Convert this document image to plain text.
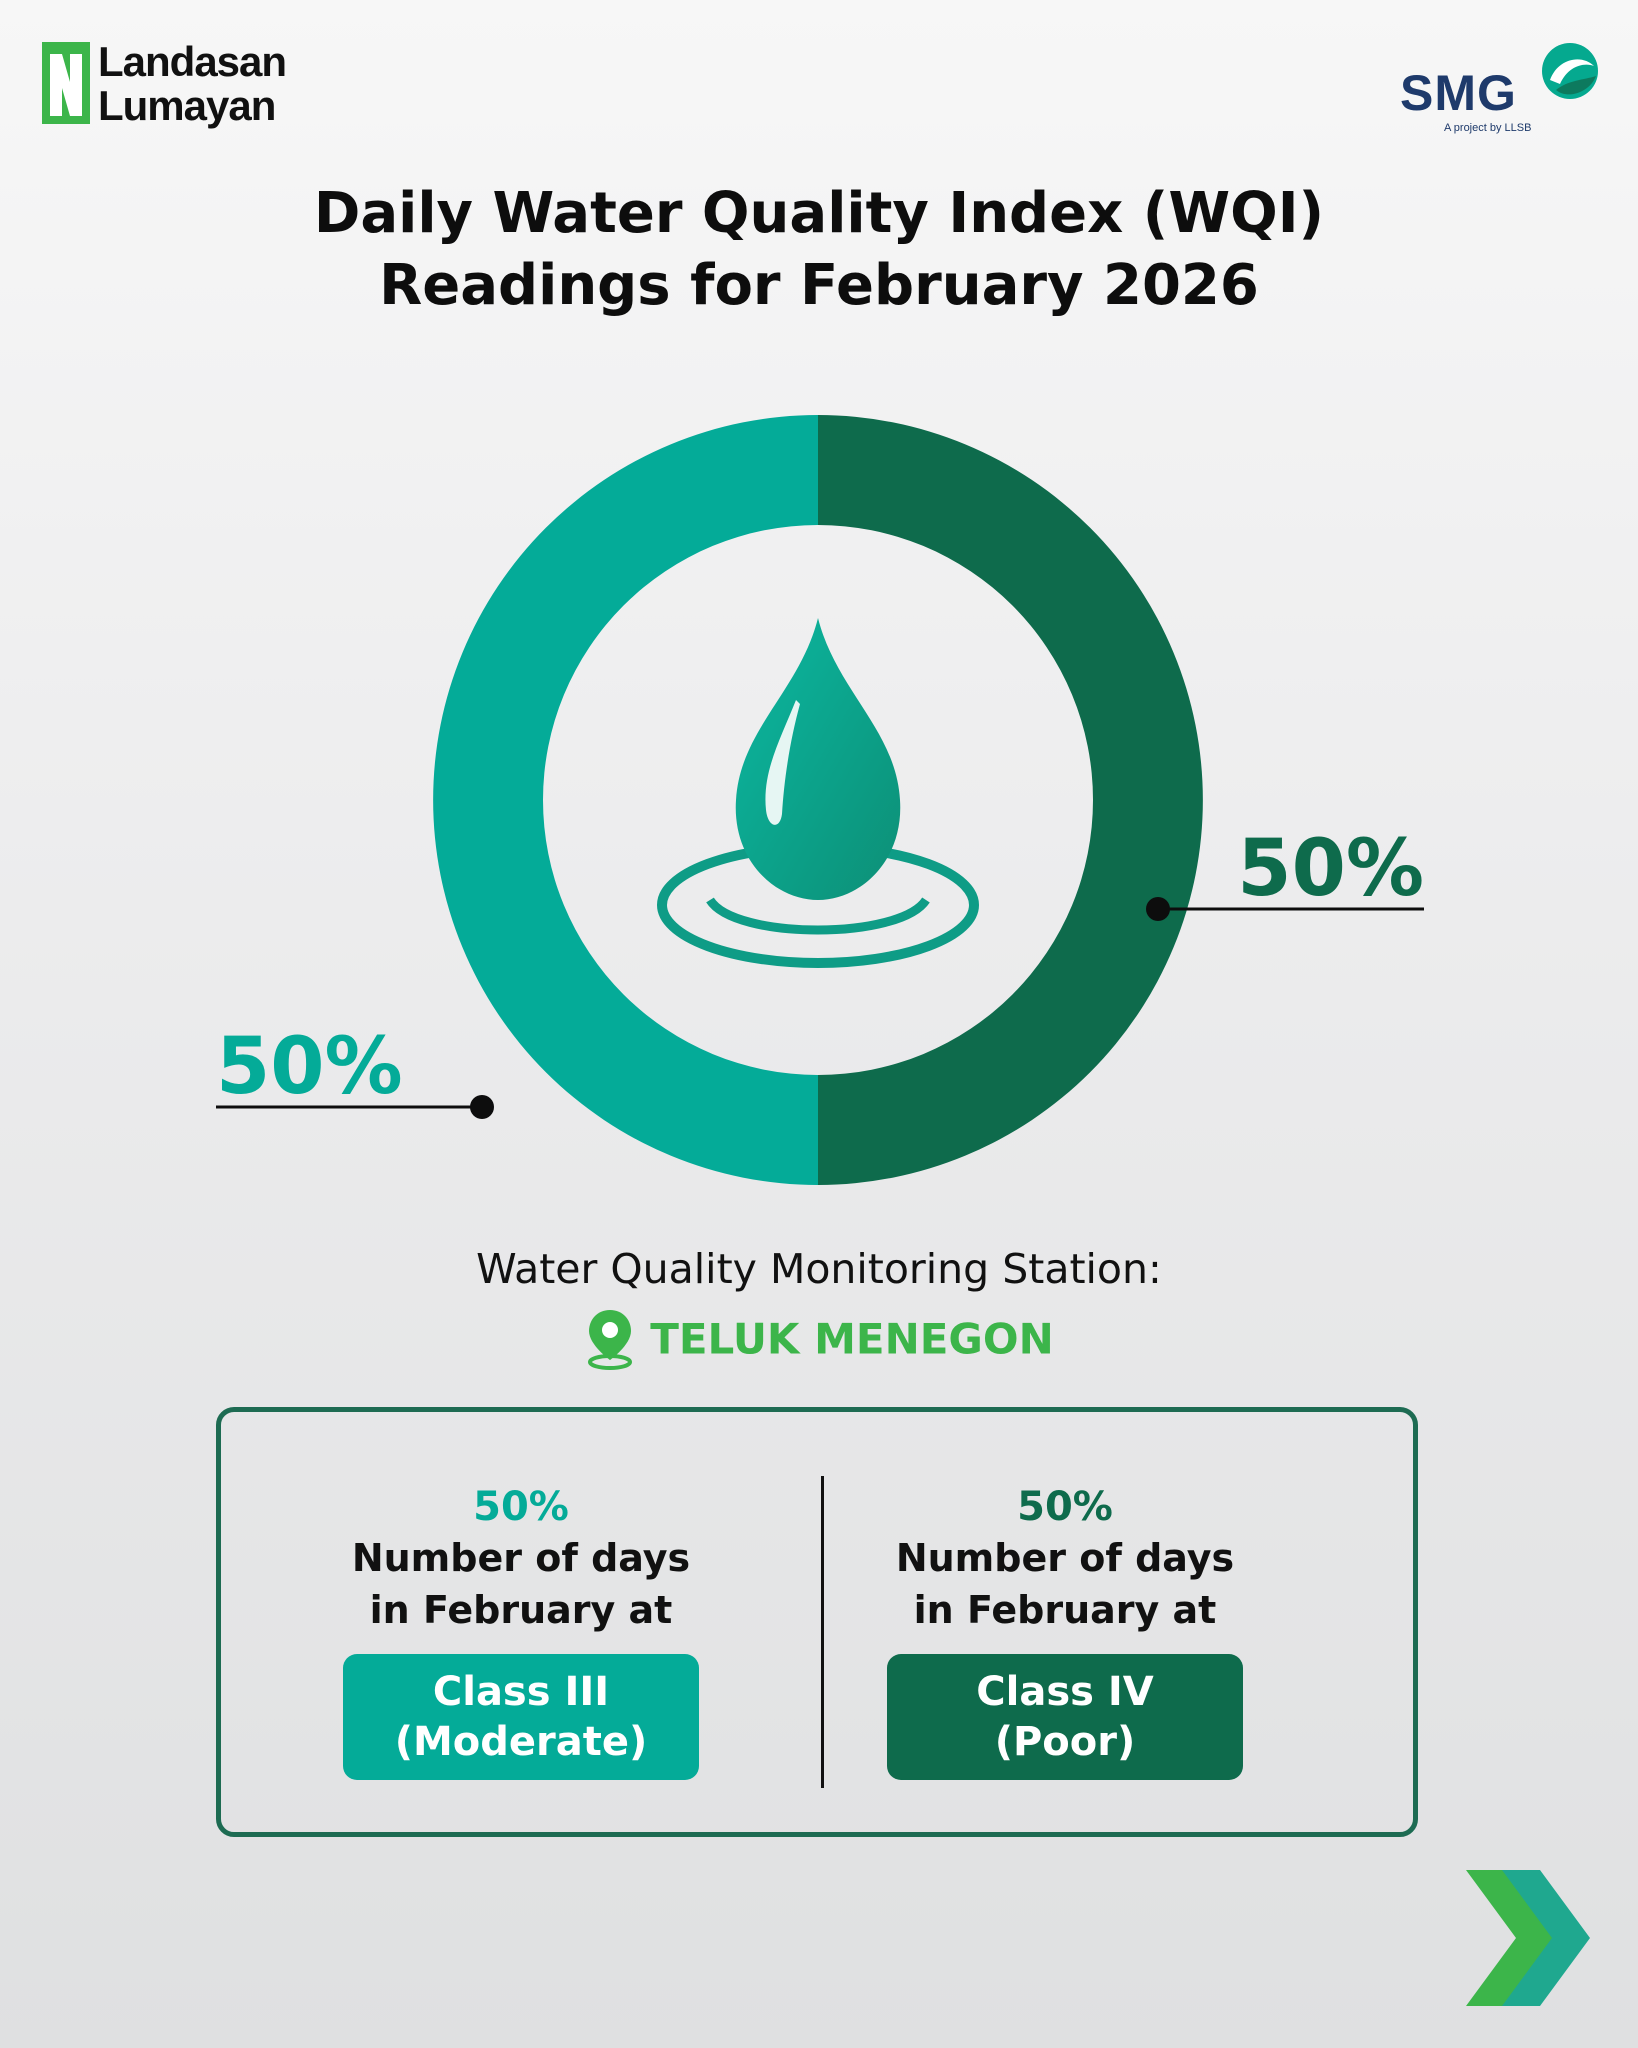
Landasan
Lumayan	SMG
A project by LLSB
Daily Water Quality Index (WQI)
Readings for February 2026
50%
50%
Water Quality Monitoring Station:
TELUK MENEGON
50%
Number of days
in February at
Class III
(Moderate)
50%
Number of days
in February at
Class IV
(Poor)
